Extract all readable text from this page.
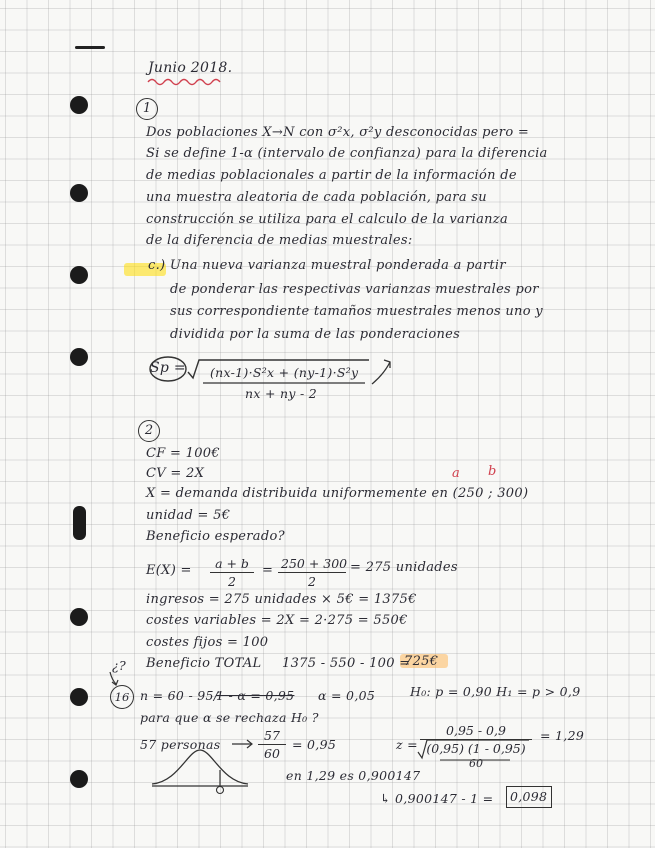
Junio 2018.
1
Dos poblaciones X→N con σ²x, σ²y desconocidas pero =
Si se define 1-α (intervalo de confianza) para la diferencia
de medias poblacionales a partir de la información de
una muestra aleatoria de cada población, para su
construcción se utiliza para el calculo de la varianza
de la diferencia de medias muestrales:
c.) Una nueva varianza muestral ponderada a partir
de ponderar las respectivas varianzas muestrales por
sus correspondiente tamaños muestrales menos uno y
dividida por la suma de las ponderaciones
Sp = (nx-1)·S²x + (ny-1)·S²y
nx + ny - 2
2
CF = 100€
CV = 2X	a b
X = demanda distribuida uniformemente en (250 ; 300)
unidad = 5€
Beneficio esperado?
$E(X) = \frac{a + b}{2} = \frac{250 + 300}{2} = 275$ unidades
ingresos = 275 unidades × 5€ = 1375€
costes variables = 2X = 2·275 = 550€
costes fijos = 100
Beneficio TOTAL 1375 - 550 - 100 =
725€
¿?
16 n = 60 - 95/
1 - α = 0,95 α = 0,05	H₀: p = 0,90 H₁ = p > 0,9
para que α se rechaza H₀ ?
57 personas	$\frac{57}{60} = 0,95$	z =
0,95 - 0,9
(0,95) (1 - 0,95)
60
= 1,29
en 1,29 es 0,900147
↳ 0,900147 - 1 = 0,098
